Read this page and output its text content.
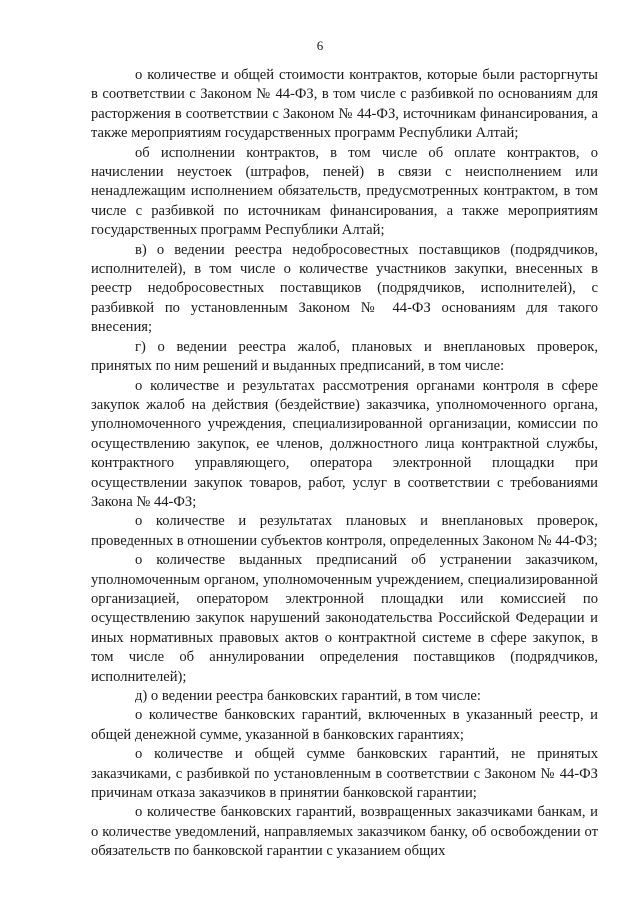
6

о количестве и общей стоимости контрактов, которые были расторгнуты в соответствии с Законом № 44-ФЗ, в том числе с разбивкой по основаниям для расторжения в соответствии с Законом № 44-ФЗ, источникам финансирования, а также мероприятиям государственных программ Республики Алтай;

об исполнении контрактов, в том числе об оплате контрактов, о начислении неустоек (штрафов, пеней) в связи с неисполнением или ненадлежащим исполнением обязательств, предусмотренных контрактом, в том числе с разбивкой по источникам финансирования, а также мероприятиям государственных программ Республики Алтай;

в) о ведении реестра недобросовестных поставщиков (подрядчиков, исполнителей), в том числе о количестве участников закупки, внесенных в реестр недобросовестных поставщиков (подрядчиков, исполнителей), с разбивкой по установленным Законом № 44-ФЗ основаниям для такого внесения;

г) о ведении реестра жалоб, плановых и внеплановых проверок, принятых по ним решений и выданных предписаний, в том числе:

о количестве и результатах рассмотрения органами контроля в сфере закупок жалоб на действия (бездействие) заказчика, уполномоченного органа, уполномоченного учреждения, специализированной организации, комиссии по осуществлению закупок, ее членов, должностного лица контрактной службы, контрактного управляющего, оператора электронной площадки при осуществлении закупок товаров, работ, услуг в соответствии с требованиями Закона № 44-ФЗ;

о количестве и результатах плановых и внеплановых проверок, проведенных в отношении субъектов контроля, определенных Законом № 44-ФЗ;

о количестве выданных предписаний об устранении заказчиком, уполномоченным органом, уполномоченным учреждением, специализированной организацией, оператором электронной площадки или комиссией по осуществлению закупок нарушений законодательства Российской Федерации и иных нормативных правовых актов о контрактной системе в сфере закупок, в том числе об аннулировании определения поставщиков (подрядчиков, исполнителей);

д) о ведении реестра банковских гарантий, в том числе:

о количестве банковских гарантий, включенных в указанный реестр, и общей денежной сумме, указанной в банковских гарантиях;

о количестве и общей сумме банковских гарантий, не принятых заказчиками, с разбивкой по установленным в соответствии с Законом № 44-ФЗ причинам отказа заказчиков в принятии банковской гарантии;

о количестве банковских гарантий, возвращенных заказчиками банкам, и о количестве уведомлений, направляемых заказчиком банку, об освобождении от обязательств по банковской гарантии с указанием общих
